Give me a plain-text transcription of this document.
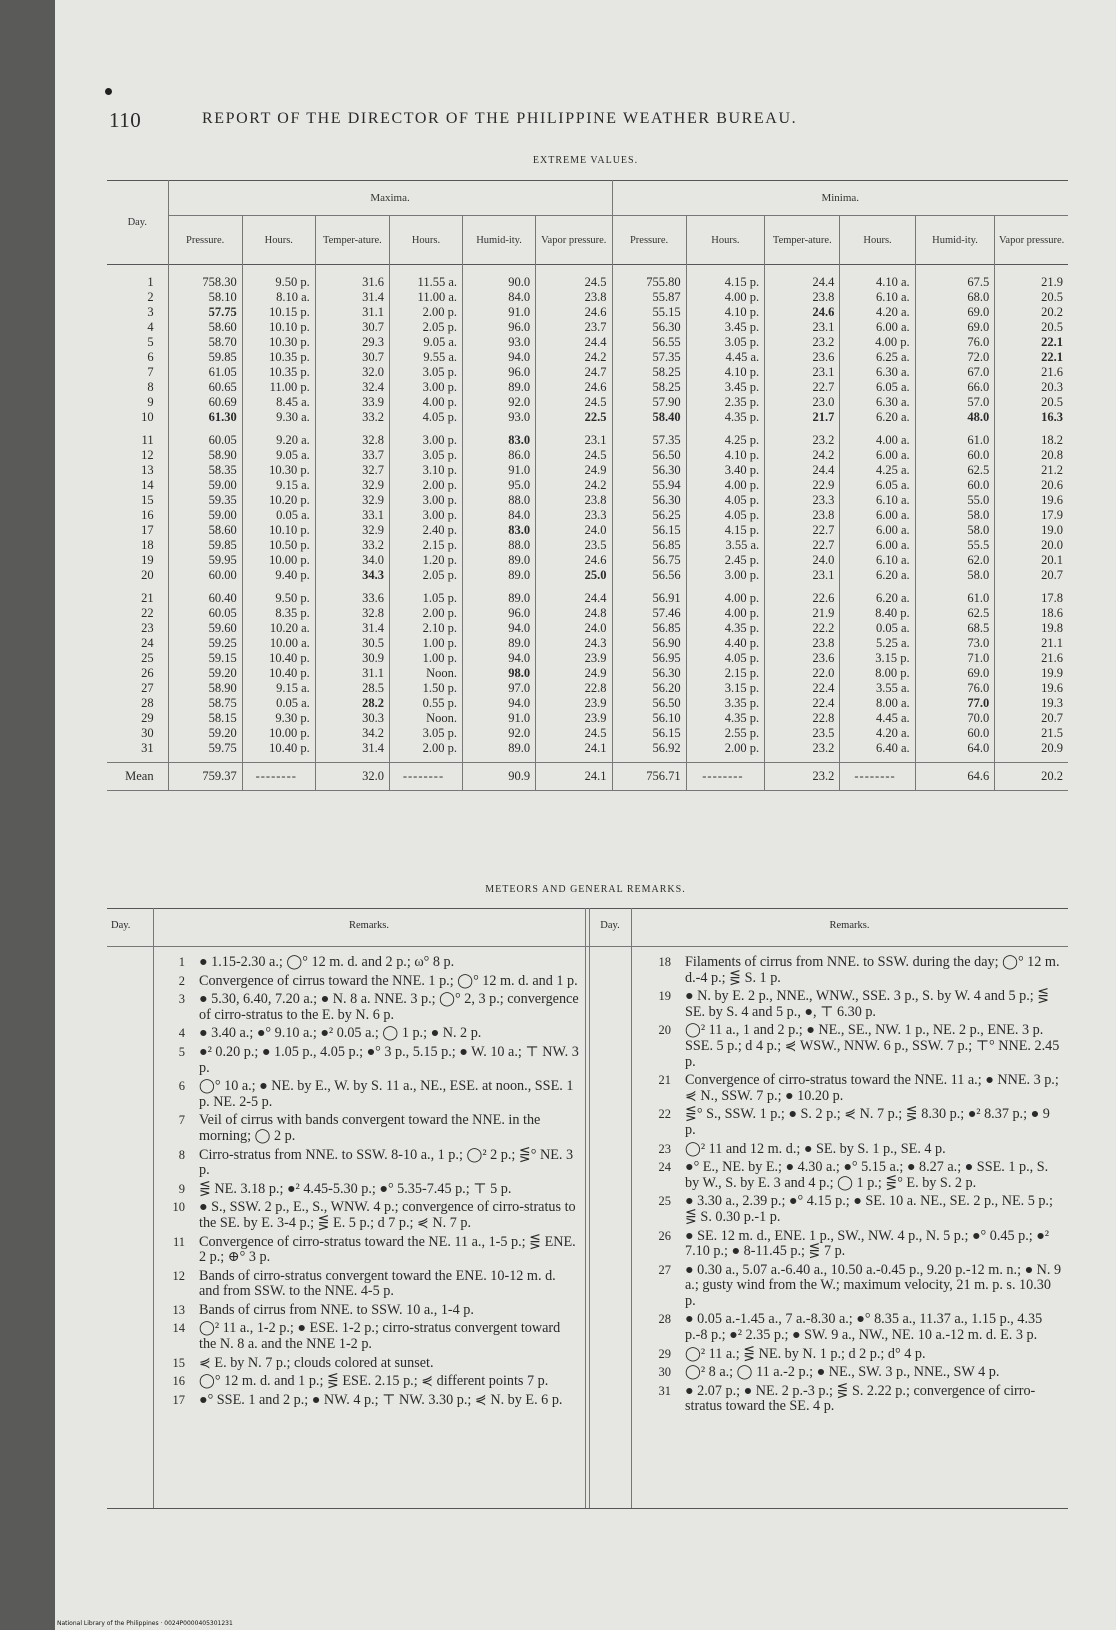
110	REPORT OF THE DIRECTOR OF THE PHILIPPINE WEATHER BUREAU.
EXTREME VALUES.
Day.	Maxima.						Minima.					
	Pressure.	Hours.	Temper-ature.	Hours.	Humid-ity.	Vapor pressure.	Pressure.	Hours.	Temper-ature.	Hours.	Humid-ity.	Vapor pressure.
1	758.30	9.50 p.	31.6	11.55 a.	90.0	24.5	755.80	4.15 p.	24.4	4.10 a.	67.5	21.9
2	58.10	8.10 a.	31.4	11.00 a.	84.0	23.8	55.87	4.00 p.	23.8	6.10 a.	68.0	20.5
3	57.75	10.15 p.	31.1	2.00 p.	91.0	24.6	55.15	4.10 p.	24.6	4.20 a.	69.0	20.2
4	58.60	10.10 p.	30.7	2.05 p.	96.0	23.7	56.30	3.45 p.	23.1	6.00 a.	69.0	20.5
5	58.70	10.30 p.	29.3	9.05 a.	93.0	24.4	56.55	3.05 p.	23.2	4.00 p.	76.0	22.1
6	59.85	10.35 p.	30.7	9.55 a.	94.0	24.2	57.35	4.45 a.	23.6	6.25 a.	72.0	22.1
7	61.05	10.35 p.	32.0	3.05 p.	96.0	24.7	58.25	4.10 p.	23.1	6.30 a.	67.0	21.6
8	60.65	11.00 p.	32.4	3.00 p.	89.0	24.6	58.25	3.45 p.	22.7	6.05 a.	66.0	20.3
9	60.69	8.45 a.	33.9	4.00 p.	92.0	24.5	57.90	2.35 p.	23.0	6.30 a.	57.0	20.5
10	61.30	9.30 a.	33.2	4.05 p.	93.0	22.5	58.40	4.35 p.	21.7	6.20 a.	48.0	16.3
11	60.05	9.20 a.	32.8	3.00 p.	83.0	23.1	57.35	4.25 p.	23.2	4.00 a.	61.0	18.2
12	58.90	9.05 a.	33.7	3.05 p.	86.0	24.5	56.50	4.10 p.	24.2	6.00 a.	60.0	20.8
13	58.35	10.30 p.	32.7	3.10 p.	91.0	24.9	56.30	3.40 p.	24.4	4.25 a.	62.5	21.2
14	59.00	9.15 a.	32.9	2.00 p.	95.0	24.2	55.94	4.00 p.	22.9	6.05 a.	60.0	20.6
15	59.35	10.20 p.	32.9	3.00 p.	88.0	23.8	56.30	4.05 p.	23.3	6.10 a.	55.0	19.6
16	59.00	0.05 a.	33.1	3.00 p.	84.0	23.3	56.25	4.05 p.	23.8	6.00 a.	58.0	17.9
17	58.60	10.10 p.	32.9	2.40 p.	83.0	24.0	56.15	4.15 p.	22.7	6.00 a.	58.0	19.0
18	59.85	10.50 p.	33.2	2.15 p.	88.0	23.5	56.85	3.55 a.	22.7	6.00 a.	55.5	20.0
19	59.95	10.00 p.	34.0	1.20 p.	89.0	24.6	56.75	2.45 p.	24.0	6.10 a.	62.0	20.1
20	60.00	9.40 p.	34.3	2.05 p.	89.0	25.0	56.56	3.00 p.	23.1	6.20 a.	58.0	20.7
21	60.40	9.50 p.	33.6	1.05 p.	89.0	24.4	56.91	4.00 p.	22.6	6.20 a.	61.0	17.8
22	60.05	8.35 p.	32.8	2.00 p.	96.0	24.8	57.46	4.00 p.	21.9	8.40 p.	62.5	18.6
23	59.60	10.20 a.	31.4	2.10 p.	94.0	24.0	56.85	4.35 p.	22.2	0.05 a.	68.5	19.8
24	59.25	10.00 a.	30.5	1.00 p.	89.0	24.3	56.90	4.40 p.	23.8	5.25 a.	73.0	21.1
25	59.15	10.40 p.	30.9	1.00 p.	94.0	23.9	56.95	4.05 p.	23.6	3.15 p.	71.0	21.6
26	59.20	10.40 p.	31.1	Noon.	98.0	24.9	56.30	2.15 p.	22.0	8.00 p.	69.0	19.9
27	58.90	9.15 a.	28.5	1.50 p.	97.0	22.8	56.20	3.15 p.	22.4	3.55 a.	76.0	19.6
28	58.75	0.05 a.	28.2	0.55 p.	94.0	23.9	56.50	3.35 p.	22.4	8.00 a.	77.0	19.3
29	58.15	9.30 p.	30.3	Noon.	91.0	23.9	56.10	4.35 p.	22.8	4.45 a.	70.0	20.7
30	59.20	10.00 p.	34.2	3.05 p.	92.0	24.5	56.15	2.55 p.	23.5	4.20 a.	60.0	21.5
31	59.75	10.40 p.	31.4	2.00 p.	89.0	24.1	56.92	2.00 p.	23.2	6.40 a.	64.0	20.9
Mean	759.37	--------	32.0	--------	90.9	24.1	756.71	--------	23.2	--------	64.6	20.2
METEORS AND GENERAL REMARKS.
Day.	Remarks.	Day.	Remarks.
1 ● 1.15-2.30 a.; ◯° 12 m. d. and 2 p.; ω° 8 p.
2 Convergence of cirrus toward the NNE. 1 p.; ◯° 12 m. d. and 1 p.
3 ● 5.30, 6.40, 7.20 a.; ● N. 8 a. NNE. 3 p.; ◯° 2, 3 p.; convergence of cirro-stratus to the E. by N. 6 p.
4 ● 3.40 a.; ●° 9.10 a.; ●² 0.05 a.; ◯ 1 p.; ● N. 2 p.
5 ●² 0.20 p.; ● 1.05 p., 4.05 p.; ●° 3 p., 5.15 p.; ● W. 10 a.; ⊤ NW. 3 p.
6 ◯° 10 a.; ● NE. by E., W. by S. 11 a., NE., ESE. at noon., SSE. 1 p. NE. 2-5 p.
7 Veil of cirrus with bands convergent toward the NNE. in the morning; ◯ 2 p.
8 Cirro-stratus from NNE. to SSW. 8-10 a., 1 p.; ◯² 2 p.; ⋚° NE. 3 p.
9 ⋚ NE. 3.18 p.; ●² 4.45-5.30 p.; ●° 5.35-7.45 p.; ⊤ 5 p.
10 ● S., SSW. 2 p., E., S., WNW. 4 p.; convergence of cirro-stratus to the SE. by E. 3-4 p.; ⋚ E. 5 p.; d 7 p.; ⋞ N. 7 p.
11 Convergence of cirro-stratus toward the NE. 11 a., 1-5 p.; ⋚ ENE. 2 p.; ⊕° 3 p.
12 Bands of cirro-stratus convergent toward the ENE. 10-12 m. d. and from SSW. to the NNE. 4-5 p.
13 Bands of cirrus from NNE. to SSW. 10 a., 1-4 p.
14 ◯² 11 a., 1-2 p.; ● ESE. 1-2 p.; cirro-stratus convergent toward the N. 8 a. and the NNE 1-2 p.
15 ⋞ E. by N. 7 p.; clouds colored at sunset.
16 ◯° 12 m. d. and 1 p.; ⋚ ESE. 2.15 p.; ⋞ different points 7 p.
17 ●° SSE. 1 and 2 p.; ● NW. 4 p.; ⊤ NW. 3.30 p.; ⋞ N. by E. 6 p.
18 Filaments of cirrus from NNE. to SSW. during the day; ◯° 12 m. d.-4 p.; ⋚ S. 1 p.
19 ● N. by E. 2 p., NNE., WNW., SSE. 3 p., S. by W. 4 and 5 p.; ⋚ SE. by S. 4 and 5 p., ●, ⊤ 6.30 p.
20 ◯² 11 a., 1 and 2 p.; ● NE., SE., NW. 1 p., NE. 2 p., ENE. 3 p. SSE. 5 p.; d 4 p.; ⋞ WSW., NNW. 6 p., SSW. 7 p.; ⊤° NNE. 2.45 p.
21 Convergence of cirro-stratus toward the NNE. 11 a.; ● NNE. 3 p.; ⋞ N., SSW. 7 p.; ● 10.20 p.
22 ⋚° S., SSW. 1 p.; ● S. 2 p.; ⋞ N. 7 p.; ⋚ 8.30 p.; ●² 8.37 p.; ● 9 p.
23 ◯² 11 and 12 m. d.; ● SE. by S. 1 p., SE. 4 p.
24 ●° E., NE. by E.; ● 4.30 a.; ●° 5.15 a.; ● 8.27 a.; ● SSE. 1 p., S. by W., S. by E. 3 and 4 p.; ◯ 1 p.; ⋚° E. by S. 2 p.
25 ● 3.30 a., 2.39 p.; ●° 4.15 p.; ● SE. 10 a. NE., SE. 2 p., NE. 5 p.; ⋚ S. 0.30 p.-1 p.
26 ● SE. 12 m. d., ENE. 1 p., SW., NW. 4 p., N. 5 p.; ●° 0.45 p.; ●² 7.10 p.; ● 8-11.45 p.; ⋚ 7 p.
27 ● 0.30 a., 5.07 a.-6.40 a., 10.50 a.-0.45 p., 9.20 p.-12 m. n.; ● N. 9 a.; gusty wind from the W.; maximum velocity, 21 m. p. s. 10.30 p.
28 ● 0.05 a.-1.45 a., 7 a.-8.30 a.; ●° 8.35 a., 11.37 a., 1.15 p., 4.35 p.-8 p.; ●² 2.35 p.; ● SW. 9 a., NW., NE. 10 a.-12 m. d. E. 3 p.
29 ◯² 11 a.; ⋚ NE. by N. 1 p.; d 2 p.; d° 4 p.
30 ◯² 8 a.; ◯ 11 a.-2 p.; ● NE., SW. 3 p., NNE., SW 4 p.
31 ● 2.07 p.; ● NE. 2 p.-3 p.; ⋚ S. 2.22 p.; convergence of cirro-stratus toward the SE. 4 p.
National Library of the Philippines · 0024P0000405301231
